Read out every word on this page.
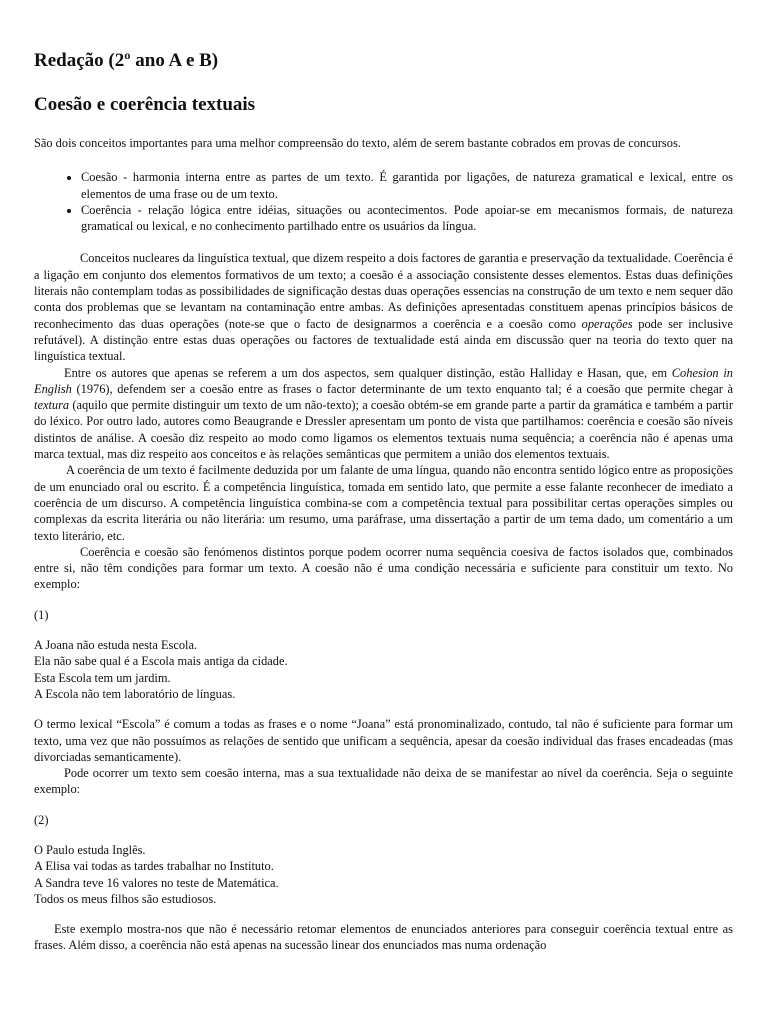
Redação (2º ano A e B)
Coesão e coerência textuais

São dois conceitos importantes para uma melhor compreensão do texto, além de serem bastante cobrados em provas de concursos.

• Coesão - harmonia interna entre as partes de um texto. É garantida por ligações, de natureza gramatical e lexical, entre os elementos de uma frase ou de um texto.
• Coerência - relação lógica entre idéias, situações ou acontecimentos. Pode apoiar-se em mecanismos formais, de natureza gramatical ou lexical, e no conhecimento partilhado entre os usuários da língua.

Conceitos nucleares da linguística textual, que dizem respeito a dois factores de garantia e preservação da textualidade. Coerência é a ligação em conjunto dos elementos formativos de um texto; a coesão é a associação consistente desses elementos. Estas duas definições literais não contemplam todas as possibilidades de significação destas duas operações essencias na construção de um texto e nem sequer dão conta dos problemas que se levantam na contaminação entre ambas. As definições apresentadas constituem apenas princípios básicos de reconhecimento das duas operações (note-se que o facto de designarmos a coerência e a coesão como operações pode ser inclusive refutável). A distinção entre estas duas operações ou factores de textualidade está ainda em discussão quer na teoria do texto quer na linguística textual.

Entre os autores que apenas se referem a um dos aspectos, sem qualquer distinção, estão Halliday e Hasan, que, em Cohesion in English (1976), defendem ser a coesão entre as frases o factor determinante de um texto enquanto tal; é a coesão que permite chegar à textura (aquilo que permite distinguir um texto de um não-texto); a coesão obtém-se em grande parte a partir da gramática e também a partir do léxico. Por outro lado, autores como Beaugrande e Dressler apresentam um ponto de vista que partilhamos: coerência e coesão são níveis distintos de análise. A coesão diz respeito ao modo como ligamos os elementos textuais numa sequência; a coerência não é apenas uma marca textual, mas diz respeito aos conceitos e às relações semânticas que permitem a união dos elementos textuais.

A coerência de um texto é facilmente deduzida por um falante de uma língua, quando não encontra sentido lógico entre as proposições de um enunciado oral ou escrito. É a competência linguística, tomada em sentido lato, que permite a esse falante reconhecer de imediato a coerência de um discurso. A competência linguística combina-se com a competência textual para possibilitar certas operações simples ou complexas da escrita literária ou não literária: um resumo, uma paráfrase, uma dissertação a partir de um tema dado, um comentário a um texto literário, etc.

Coerência e coesão são fenómenos distintos porque podem ocorrer numa sequência coesiva de factos isolados que, combinados entre si, não têm condições para formar um texto. A coesão não é uma condição necessária e suficiente para constituir um texto. No exemplo:

(1)

A Joana não estuda nesta Escola.
Ela não sabe qual é a Escola mais antiga da cidade.
Esta Escola tem um jardim.
A Escola não tem laboratório de línguas.

O termo lexical “Escola” é comum a todas as frases e o nome “Joana” está pronominalizado, contudo, tal não é suficiente para formar um texto, uma vez que não possuímos as relações de sentido que unificam a sequência, apesar da coesão individual das frases encadeadas (mas divorciadas semanticamente).

Pode ocorrer um texto sem coesão interna, mas a sua textualidade não deixa de se manifestar ao nível da coerência. Seja o seguinte exemplo:

(2)

O Paulo estuda Inglês.
A Elisa vai todas as tardes trabalhar no Instituto.
A Sandra teve 16 valores no teste de Matemática.
Todos os meus filhos são estudiosos.

Este exemplo mostra-nos que não é necessário retomar elementos de enunciados anteriores para conseguir coerência textual entre as frases. Além disso, a coerência não está apenas na sucessão linear dos enunciados mas numa ordenação
